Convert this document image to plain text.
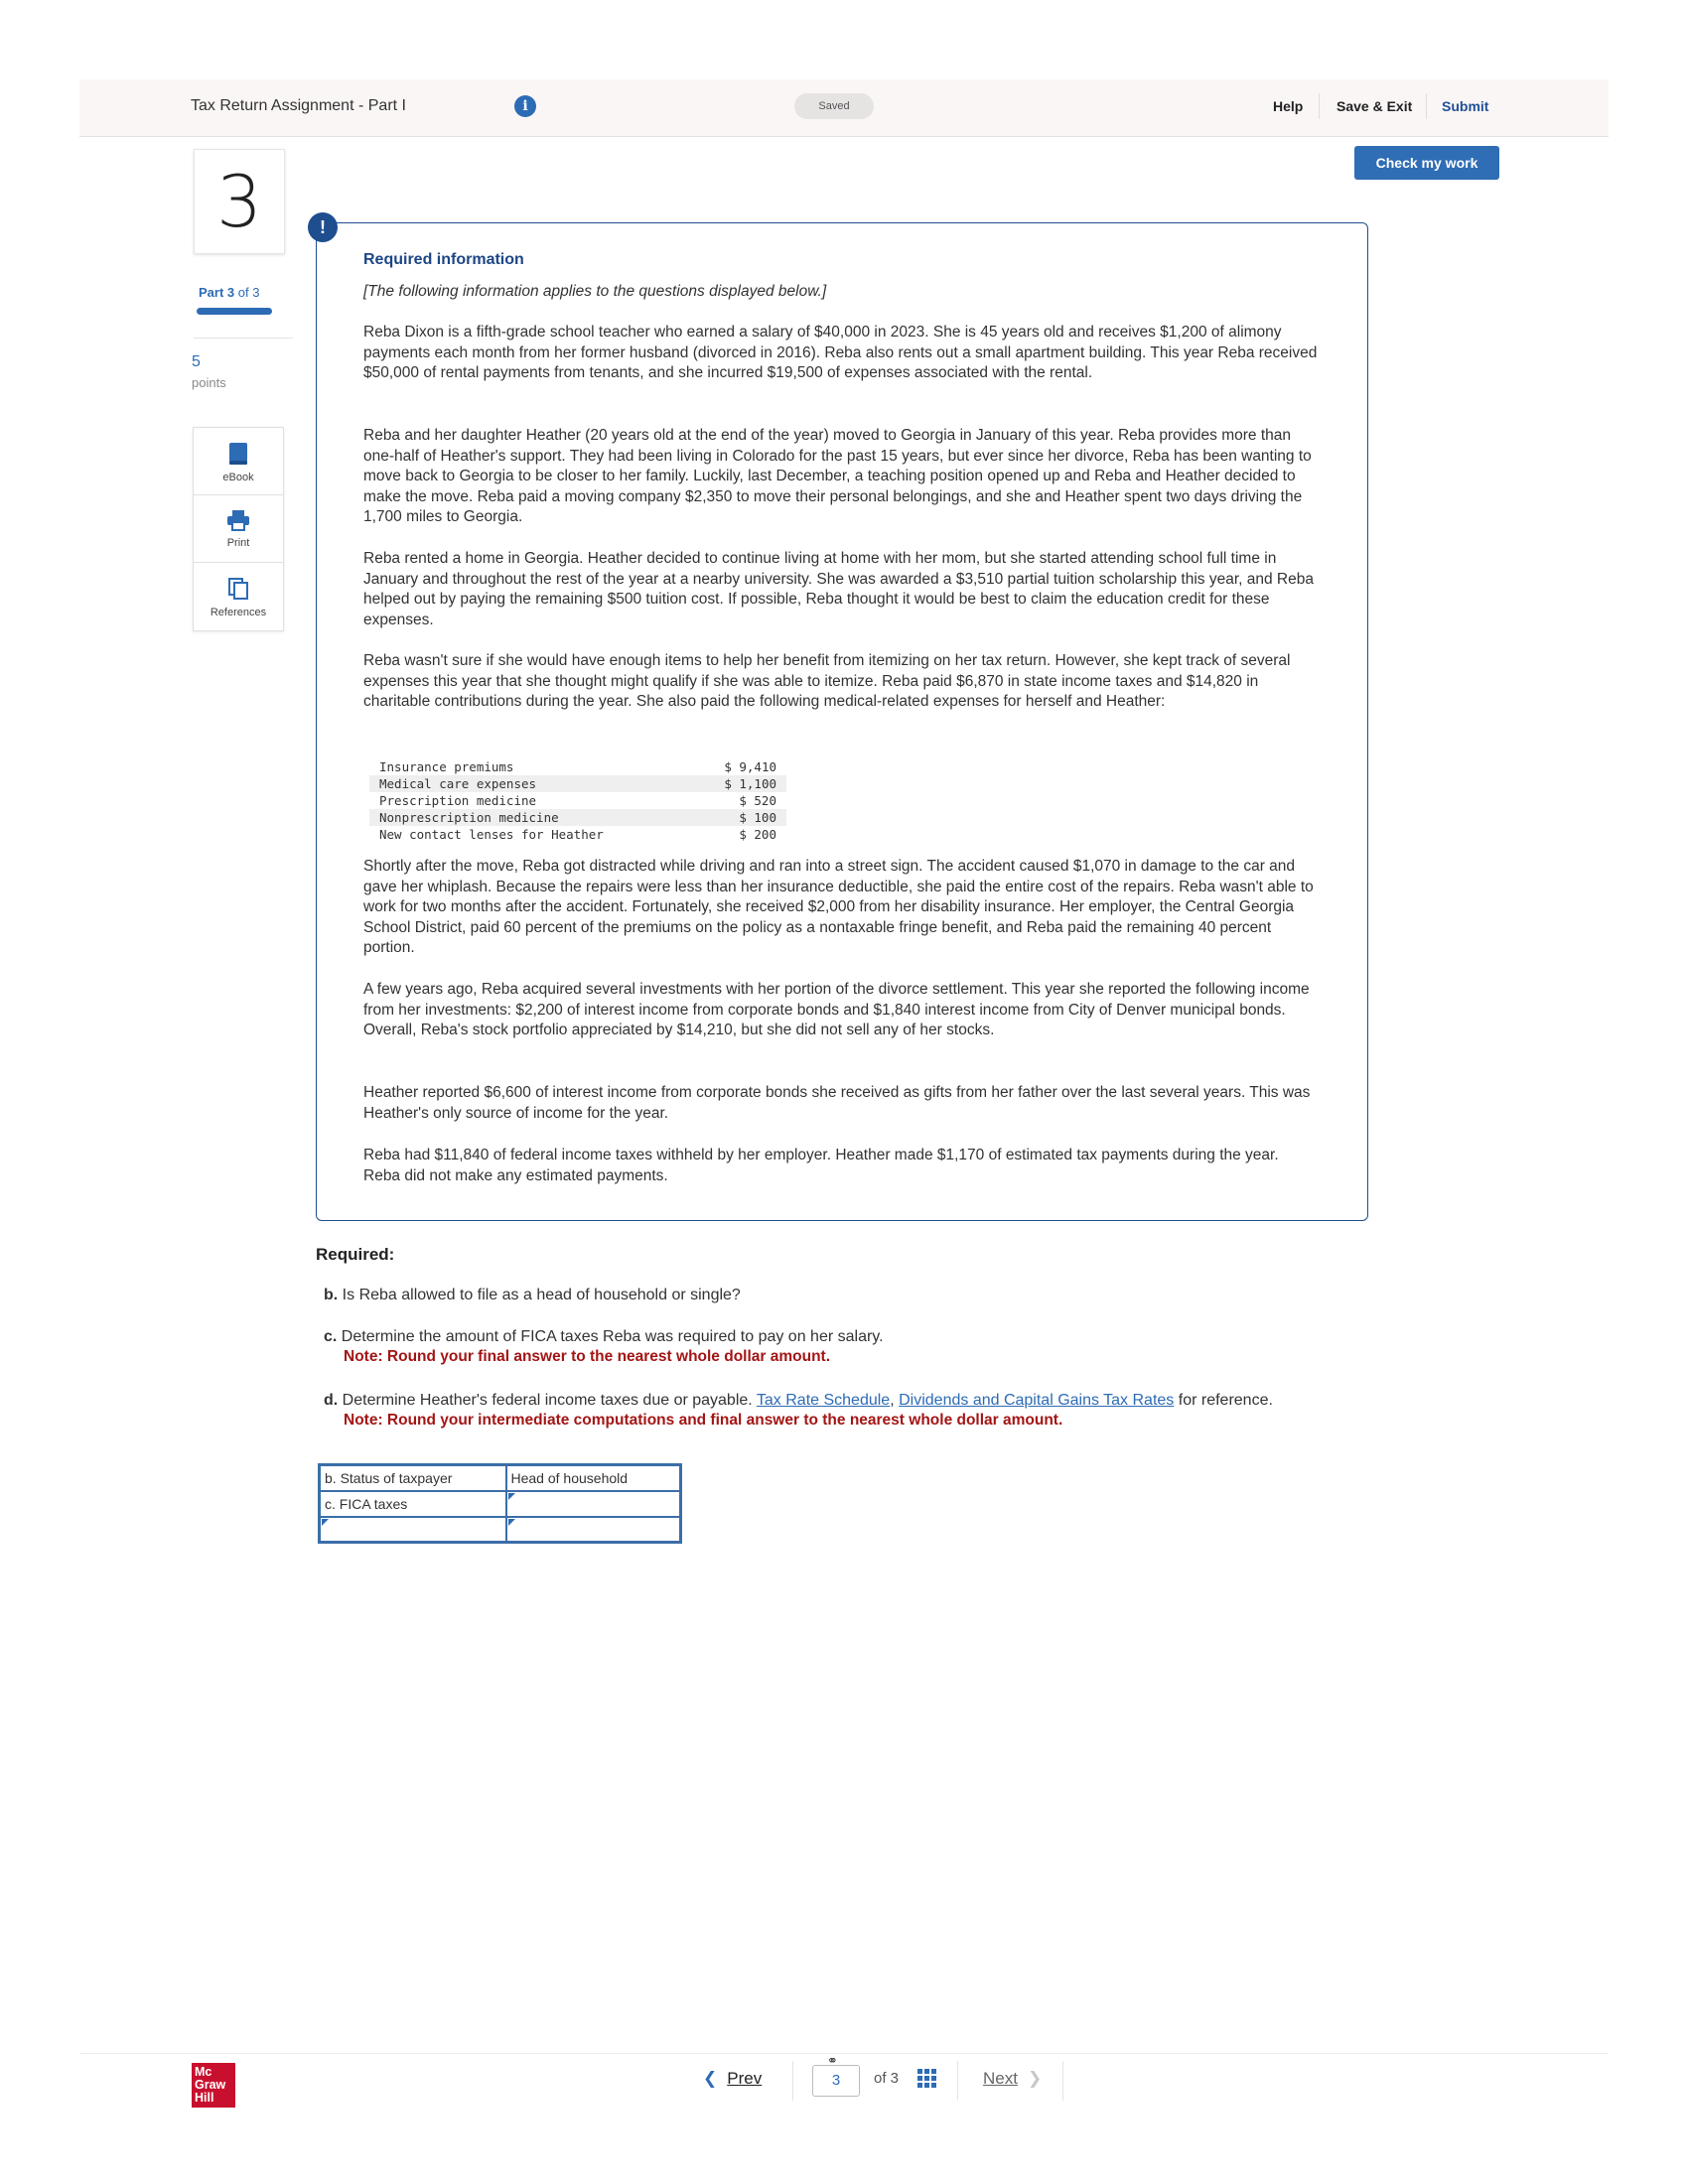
Tax Return Assignment - Part I	i	Saved	Help Save & Exit Submit
Check my work
3
Part 3 of 3
5
points
eBook
Print
References
!
Required information
[The following information applies to the questions displayed below.]

Reba Dixon is a fifth-grade school teacher who earned a salary of $40,000 in 2023. She is 45 years old and receives $1,200 of alimony payments each month from her former husband (divorced in 2016). Reba also rents out a small apartment building. This year Reba received $50,000 of rental payments from tenants, and she incurred $19,500 of expenses associated with the rental.

Reba and her daughter Heather (20 years old at the end of the year) moved to Georgia in January of this year. Reba provides more than one-half of Heather's support. They had been living in Colorado for the past 15 years, but ever since her divorce, Reba has been wanting to move back to Georgia to be closer to her family. Luckily, last December, a teaching position opened up and Reba and Heather decided to make the move. Reba paid a moving company $2,350 to move their personal belongings, and she and Heather spent two days driving the 1,700 miles to Georgia.

Reba rented a home in Georgia. Heather decided to continue living at home with her mom, but she started attending school full time in January and throughout the rest of the year at a nearby university. She was awarded a $3,510 partial tuition scholarship this year, and Reba helped out by paying the remaining $500 tuition cost. If possible, Reba thought it would be best to claim the education credit for these expenses.

Reba wasn't sure if she would have enough items to help her benefit from itemizing on her tax return. However, she kept track of several expenses this year that she thought might qualify if she was able to itemize. Reba paid $6,870 in state income taxes and $14,820 in charitable contributions during the year. She also paid the following medical-related expenses for herself and Heather:

Insurance premiums	$ 9,410
Medical care expenses	$ 1,100
Prescription medicine	$ 520
Nonprescription medicine	$ 100
New contact lenses for Heather	$ 200

Shortly after the move, Reba got distracted while driving and ran into a street sign. The accident caused $1,070 in damage to the car and gave her whiplash. Because the repairs were less than her insurance deductible, she paid the entire cost of the repairs. Reba wasn't able to work for two months after the accident. Fortunately, she received $2,000 from her disability insurance. Her employer, the Central Georgia School District, paid 60 percent of the premiums on the policy as a nontaxable fringe benefit, and Reba paid the remaining 40 percent portion.

A few years ago, Reba acquired several investments with her portion of the divorce settlement. This year she reported the following income from her investments: $2,200 of interest income from corporate bonds and $1,840 interest income from City of Denver municipal bonds. Overall, Reba's stock portfolio appreciated by $14,210, but she did not sell any of her stocks.

Heather reported $6,600 of interest income from corporate bonds she received as gifts from her father over the last several years. This was Heather's only source of income for the year.

Reba had $11,840 of federal income taxes withheld by her employer. Heather made $1,170 of estimated tax payments during the year. Reba did not make any estimated payments.

Required:
b. Is Reba allowed to file as a head of household or single?
c. Determine the amount of FICA taxes Reba was required to pay on her salary.
Note: Round your final answer to the nearest whole dollar amount.
d. Determine Heather's federal income taxes due or payable. Tax Rate Schedule, Dividends and Capital Gains Tax Rates for reference.
Note: Round your intermediate computations and final answer to the nearest whole dollar amount.
b. Status of taxpayer	Head of household
c. FICA taxes	

Mc
Graw
Hill
❮ Prev
⚭
3	of 3	Next ❯
